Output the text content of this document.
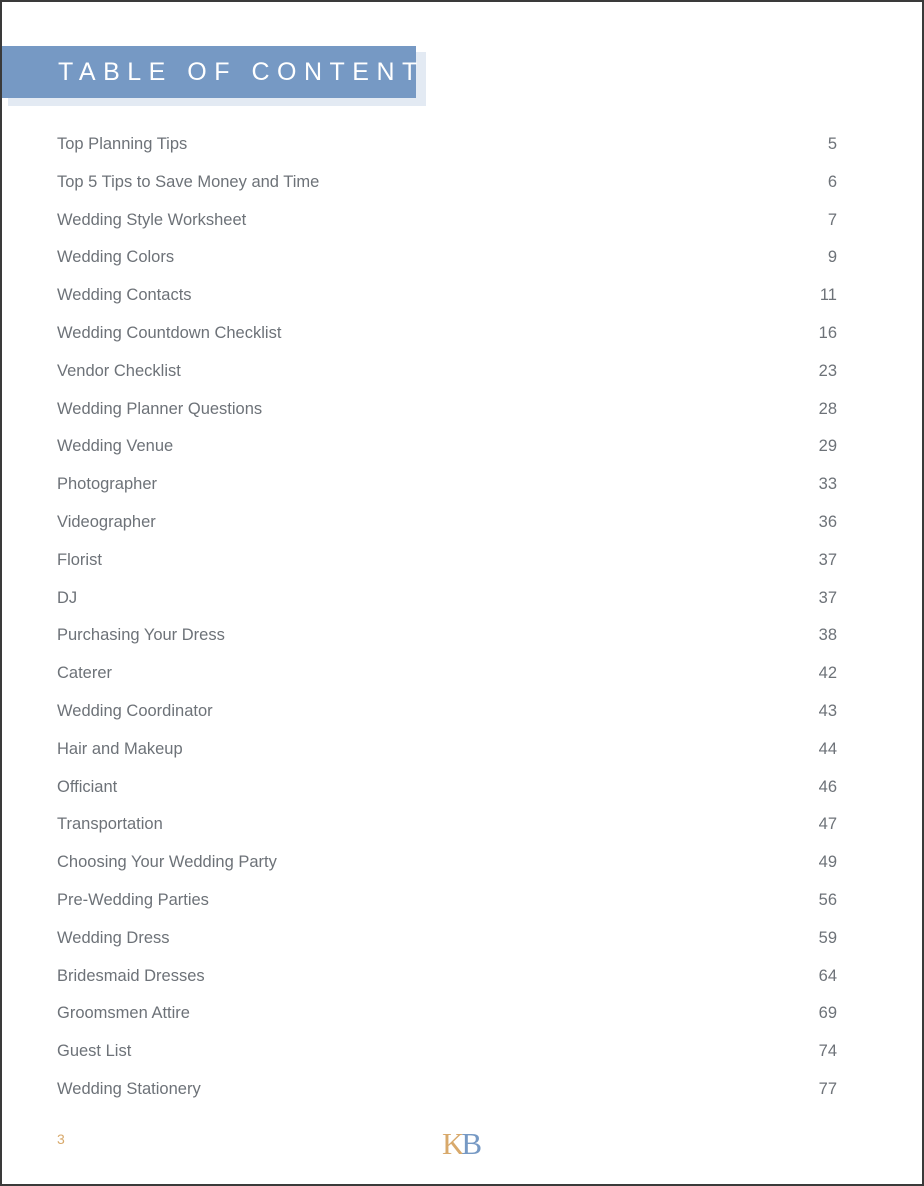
TABLE OF CONTENTS
Top Planning Tips .....	5
Top 5 Tips to Save Money and Time .....	6
Wedding Style Worksheet .....	7
Wedding Colors .....	9
Wedding Contacts .....	11
Wedding Countdown Checklist .....	16
Vendor Checklist .....	23
Wedding Planner Questions .....	28
Wedding Venue .....	29
Photographer .....	33
Videographer .....	36
Florist .....	37
DJ .....	37
Purchasing Your Dress .....	38
Caterer .....	42
Wedding Coordinator .....	43
Hair and Makeup .....	44
Officiant .....	46
Transportation .....	47
Choosing Your Wedding Party .....	49
Pre-Wedding Parties .....	56
Wedding Dress .....	59
Bridesmaid Dresses .....	64
Groomsmen Attire .....	69
Guest List .....	74
Wedding Stationery .....	77
3	K
B
